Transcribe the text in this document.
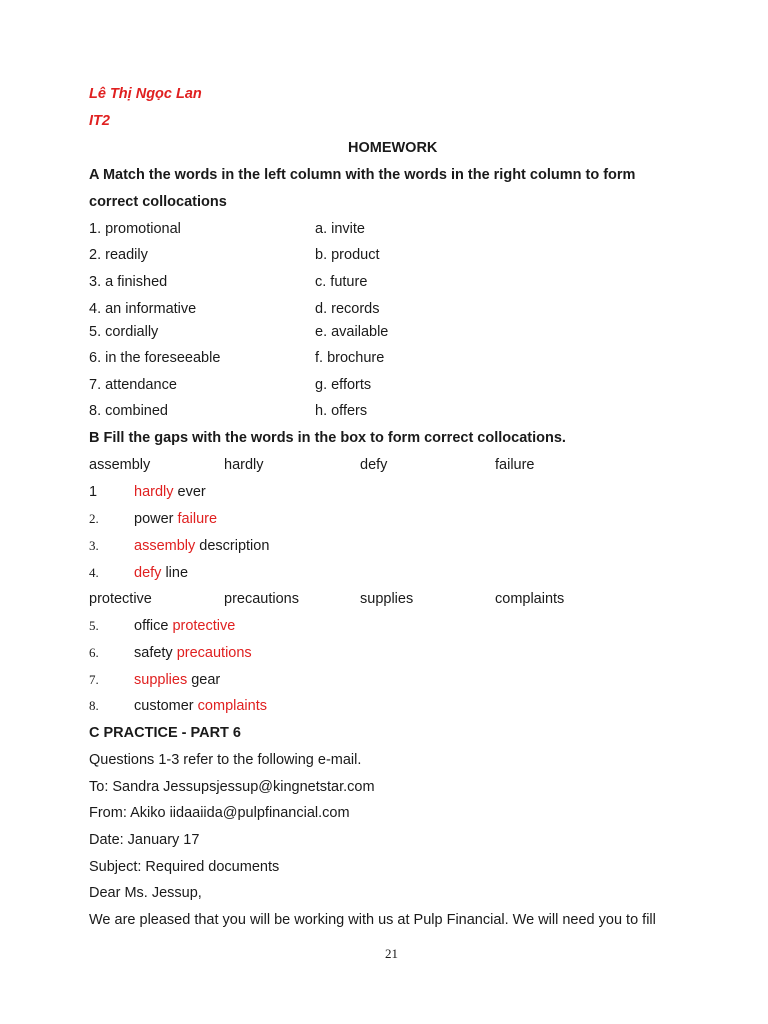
Lê Thị Ngọc Lan
IT2
HOMEWORK
A Match the words in the left column with the words in the right column to form
correct collocations
1. promotional	a. invite
2. readily	b. product
3. a finished	c. future
4. an informative	d. records
5. cordially	e. available
6. in the foreseeable	f. brochure
7. attendance	g. efforts
8. combined	h. offers
B Fill the gaps with the words in the box to form correct collocations.
assembly	hardly	defy	failure
1	hardly ever
2. power failure
3. assembly description
4. defy line
protective	precautions	supplies	complaints
5. office protective
6. safety precautions
7. supplies gear
8. customer complaints
C PRACTICE - PART 6
Questions 1-3 refer to the following e-mail.
To: Sandra Jessupsjessup@kingnetstar.com
From: Akiko iidaaiida@pulpfinancial.com
Date: January 17
Subject: Required documents
Dear Ms. Jessup,
We are pleased that you will be working with us at Pulp Financial. We will need you to fill
21
